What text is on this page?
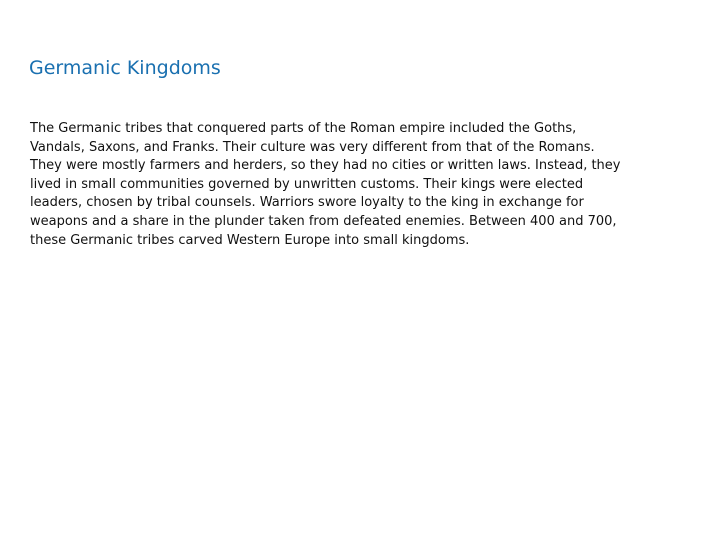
Germanic Kingdoms

The Germanic tribes that conquered parts of the Roman empire included the Goths,
Vandals, Saxons, and Franks. Their culture was very different from that of the Romans.
They were mostly farmers and herders, so they had no cities or written laws. Instead, they
lived in small communities governed by unwritten customs. Their kings were elected
leaders, chosen by tribal counsels. Warriors swore loyalty to the king in exchange for
weapons and a share in the plunder taken from defeated enemies. Between 400 and 700,
these Germanic tribes carved Western Europe into small kingdoms.
